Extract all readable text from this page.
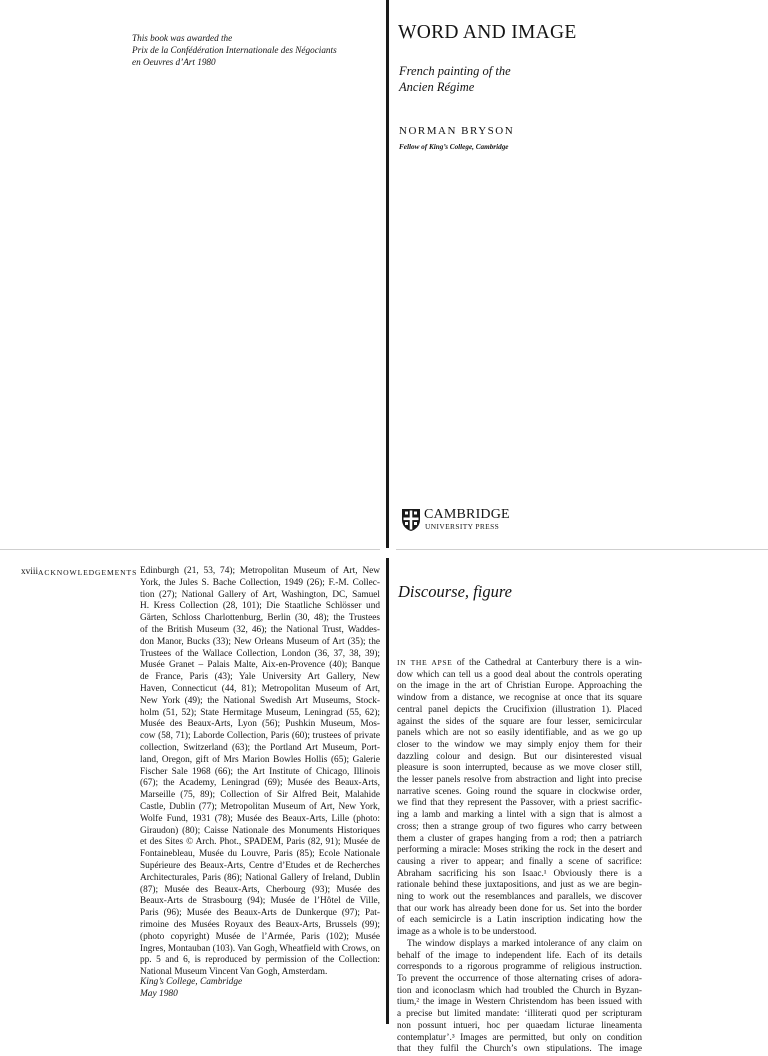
This book was awarded the
Prix de la Confédération Internationale des Négociants
en Oeuvres d’Art 1980
WORD AND IMAGE
French painting of the
Ancien Régime
NORMAN BRYSON
Fellow of King’s College, Cambridge
CAMBRIDGE
UNIVERSITY PRESS
xviii ACKNOWLEDGEMENTS Edinburgh (21, 53, 74); Metropolitan Museum of Art, New
York, the Jules S. Bache Collection, 1949 (26); F.-M. Collec-
tion (27); National Gallery of Art, Washington, DC, Samuel
H. Kress Collection (28, 101); Die Staatliche Schlösser und
Gärten, Schloss Charlottenburg, Berlin (30, 48); the Trustees
of the British Museum (32, 46); the National Trust, Waddes-
don Manor, Bucks (33); New Orleans Museum of Art (35); the
Trustees of the Wallace Collection, London (36, 37, 38, 39);
Musée Granet – Palais Malte, Aix-en-Provence (40); Banque
de France, Paris (43); Yale University Art Gallery, New
Haven, Connecticut (44, 81); Metropolitan Museum of Art,
New York (49); the National Swedish Art Museums, Stock-
holm (51, 52); State Hermitage Museum, Leningrad (55, 62);
Musée des Beaux-Arts, Lyon (56); Pushkin Museum, Mos-
cow (58, 71); Laborde Collection, Paris (60); trustees of private
collection, Switzerland (63); the Portland Art Museum, Port-
land, Oregon, gift of Mrs Marion Bowles Hollis (65); Galerie
Fischer Sale 1968 (66); the Art Institute of Chicago, Illinois
(67); the Academy, Leningrad (69); Musée des Beaux-Arts,
Marseille (75, 89); Collection of Sir Alfred Beit, Malahide
Castle, Dublin (77); Metropolitan Museum of Art, New York,
Wolfe Fund, 1931 (78); Musée des Beaux-Arts, Lille (photo:
Giraudon) (80); Caisse Nationale des Monuments Historiques
et des Sites © Arch. Phot., SPADEM, Paris (82, 91); Musée de
Fontainebleau, Musée du Louvre, Paris (85); Ecole Nationale
Supérieure des Beaux-Arts, Centre d’Etudes et de Recherches
Architecturales, Paris (86); National Gallery of Ireland, Dublin
(87); Musée des Beaux-Arts, Cherbourg (93); Musée des
Beaux-Arts de Strasbourg (94); Musée de l’Hôtel de Ville,
Paris (96); Musée des Beaux-Arts de Dunkerque (97); Pat-
rimoine des Musées Royaux des Beaux-Arts, Brussels (99);
(photo copyright) Musée de l’Armée, Paris (102); Musée
Ingres, Montauban (103). Van Gogh, Wheatfield with Crows, on
pp. 5 and 6, is reproduced by permission of the Collection:
National Museum Vincent Van Gogh, Amsterdam.
King’s College, Cambridge
May 1980
Discourse, figure
IN THE APSE of the Cathedral at Canterbury there is a win-
dow which can tell us a good deal about the controls operating
on the image in the art of Christian Europe. Approaching the
window from a distance, we recognise at once that its square
central panel depicts the Crucifixion (illustration 1). Placed
against the sides of the square are four lesser, semicircular
panels which are not so easily identifiable, and as we go up
closer to the window we may simply enjoy them for their
dazzling colour and design. But our disinterested visual
pleasure is soon interrupted, because as we move closer still,
the lesser panels resolve from abstraction and light into precise
narrative scenes. Going round the square in clockwise order,
we find that they represent the Passover, with a priest sacrific-
ing a lamb and marking a lintel with a sign that is almost a
cross; then a strange group of two figures who carry between
them a cluster of grapes hanging from a rod; then a patriarch
performing a miracle: Moses striking the rock in the desert and
causing a river to appear; and finally a scene of sacrifice:
Abraham sacrificing his son Isaac.¹ Obviously there is a
rationale behind these juxtapositions, and just as we are begin-
ning to work out the resemblances and parallels, we discover
that our work has already been done for us. Set into the border
of each semicircle is a Latin inscription indicating how the
image as a whole is to be understood.
The window displays a marked intolerance of any claim on
behalf of the image to independent life. Each of its details
corresponds to a rigorous programme of religious instruction.
To prevent the occurrence of those alternating crises of adora-
tion and iconoclasm which had troubled the Church in Byzan-
tium,² the image in Western Christendom has been issued with
a precise but limited mandate: ‘illiterati quod per scripturam
non possunt intueri, hoc per quaedam licturae lineamenta
contemplatur’.³ Images are permitted, but only on condition
that they fulfil the Church’s own stipulations. The image
